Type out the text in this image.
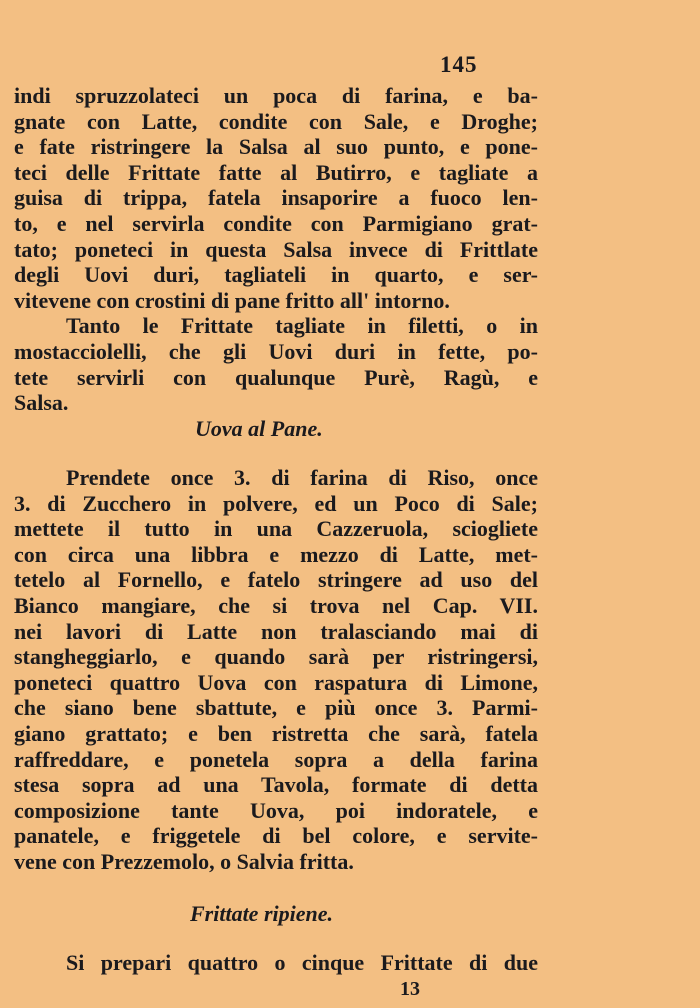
145
indi spruzzolateci un poca di farina, e ba-
gnate con Latte, condite con Sale, e Droghe;
e fate ristringere la Salsa al suo punto, e pone-
teci delle Frittate fatte al Butirro, e tagliate a
guisa di trippa, fatela insaporire a fuoco len-
to, e nel servirla condite con Parmigiano grat-
tato; poneteci in questa Salsa invece di Frittlate
degli Uovi duri, tagliateli in quarto, e ser-
vitevene con crostini di pane fritto all' intorno.
Tanto le Frittate tagliate in filetti, o in
mostacciolelli, che gli Uovi duri in fette, po-
tete servirli con qualunque Purè, Ragù, e
Salsa.
Uova al Pane.
Prendete once 3. di farina di Riso, once
3. di Zucchero in polvere, ed un Poco di Sale;
mettete il tutto in una Cazzeruola, sciogliete
con circa una libbra e mezzo di Latte, met-
tetelo al Fornello, e fatelo stringere ad uso del
Bianco mangiare, che si trova nel Cap. VII.
nei lavori di Latte non tralasciando mai di
stangheggiarlo, e quando sarà per ristringersi,
poneteci quattro Uova con raspatura di Limone,
che siano bene sbattute, e più once 3. Parmi-
giano grattato; e ben ristretta che sarà, fatela
raffreddare, e ponetela sopra a della farina
stesa sopra ad una Tavola, formate di detta
composizione tante Uova, poi indoratele, e
panatele, e friggetele di bel colore, e servite-
vene con Prezzemolo, o Salvia fritta.
Frittate ripiene.
Si prepari quattro o cinque Frittate di due
13
